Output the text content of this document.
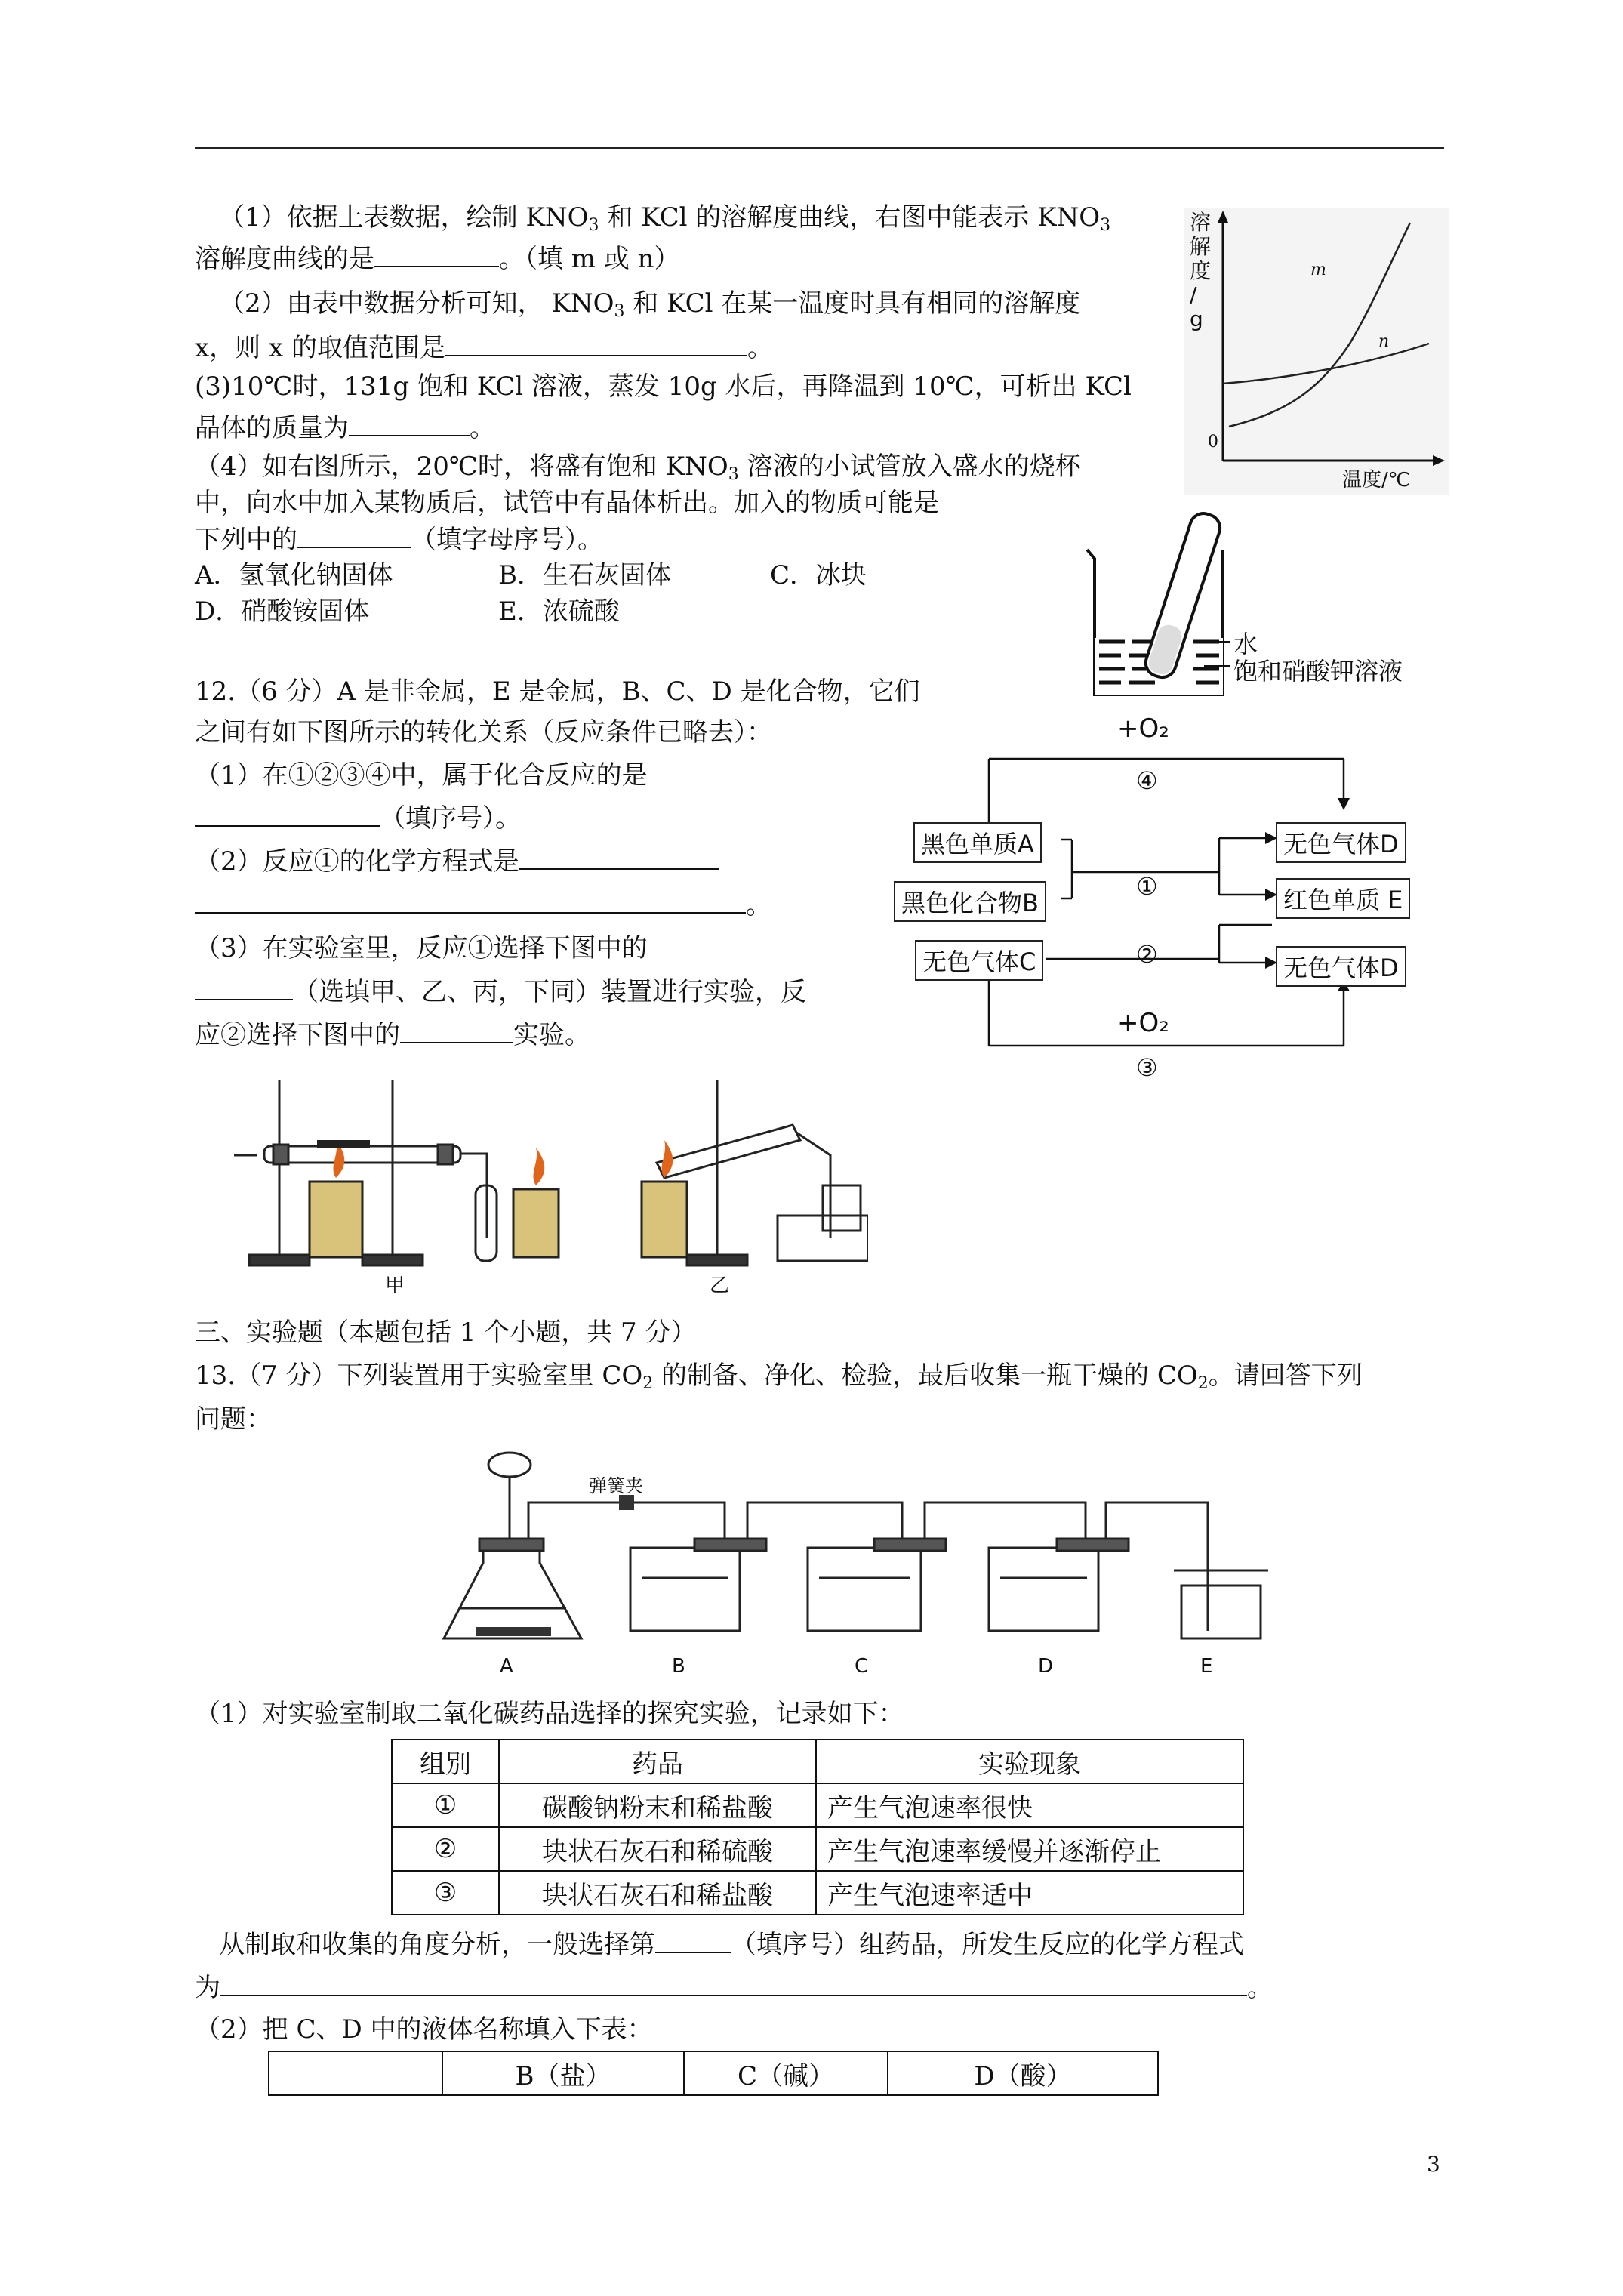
（1）依据上表数据，绘制 $KNO_3$ 和 KCl 的溶解度曲线，右图中能表示 $KNO_3$
溶解度曲线的是	。（填 m 或 n）
（2）由表中数据分析可知， $KNO_3$ 和 KCl 在某一温度时具有相同的溶解度
x，则 x 的取值范围是	。
(3)10℃时，131g 饱和 KCl 溶液，蒸发 10g 水后，再降温到 10℃，可析出 KCl
晶体的质量为	。
（4）如右图所示，20℃时，将盛有饱和 $KNO_3$ 溶液的小试管放入盛水的烧杯
中，向水中加入某物质后，试管中有晶体析出。加入的物质可能是
下列中的	（填字母序号）。
A．氢氧化钠固体	B．生石灰固体	C．冰块
D．硝酸铵固体	E．浓硫酸
溶
解
度
/
g
0
温度/℃
m
n
水
饱和硝酸钾溶液
12.（6 分）A 是非金属，E 是金属，B、C、D 是化合物，它们
之间有如下图所示的转化关系（反应条件已略去）：
（1）在①②③④中，属于化合反应的是
（填序号）。
（2）反应①的化学方程式是
。
（3）在实验室里，反应①选择下图中的
（选填甲、乙、丙，下同）装置进行实验，反
应②选择下图中的	实验。
+O₂
④
①
②
+O₂
③
黑色单质A
黑色化合物B
无色气体C
无色气体D
红色单质 E
无色气体D
甲	乙
三、实验题（本题包括 1 个小题，共 7 分）
13.（7 分）下列装置用于实验室里 $CO_2$ 的制备、净化、检验，最后收集一瓶干燥的 $CO_2$。请回答下列
问题：
弹簧夹
A	B	C	D	E
（1）对实验室制取二氧化碳药品选择的探究实验，记录如下：
组别	药品	实验现象
①	碳酸钠粉末和稀盐酸	产生气泡速率很快
②	块状石灰石和稀硫酸	产生气泡速率缓慢并逐渐停止
③	块状石灰石和稀盐酸	产生气泡速率适中
从制取和收集的角度分析，一般选择第	（填序号）组药品，所发生反应的化学方程式
为	。
（2）把 C、D 中的液体名称填入下表：
	B（盐）	C（碱）	D（酸）
3
